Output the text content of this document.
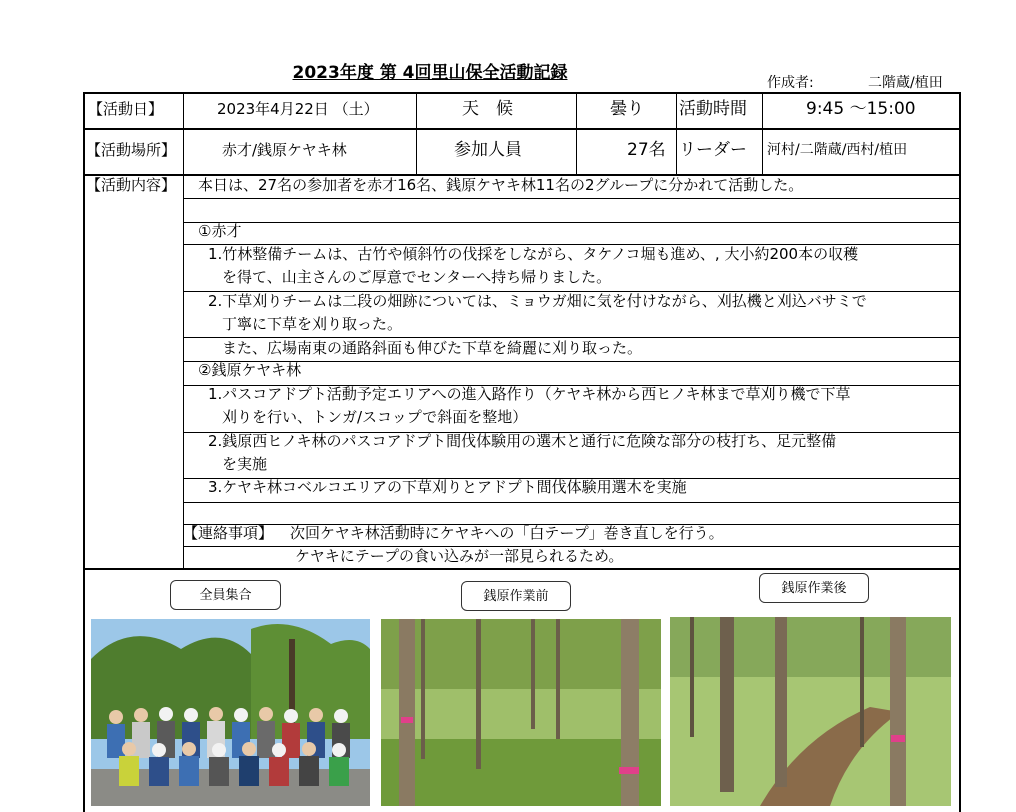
2023年度 第 4回里山保全活動記録	作成者:	二階蔵/植田
【活動日】	2023年4月22日 （土）	天　候	曇り 活動時間	9:45 ～15:00
【活動場所】	赤才/銭原ケヤキ林	参加人員	27名 リーダー 河村/二階蔵/西村/植田
【活動内容】 本日は、27名の参加者を赤才16名、銭原ケヤキ林11名の2グループに分かれて活動した。
①赤才
1.竹林整備チームは、古竹や傾斜竹の伐採をしながら、タケノコ堀も進め、, 大小約200本の収穫
を得て、山主さんのご厚意でセンターへ持ち帰りました。
2.下草刈りチームは二段の畑跡については、ミョウガ畑に気を付けながら、刈払機と刈込バサミで
丁寧に下草を刈り取った。
また、広場南東の通路斜面も伸びた下草を綺麗に刈り取った。
②銭原ケヤキ林
1.パスコアドプト活動予定エリアへの進入路作り（ケヤキ林から西ヒノキ林まで草刈り機で下草
刈りを行い、トンガ/スコップで斜面を整地）
2.銭原西ヒノキ林のパスコアドプト間伐体験用の選木と通行に危険な部分の枝打ち、足元整備
を実施
3.ケヤキ林コベルコエリアの下草刈りとアドプト間伐体験用選木を実施
【連絡事項】 次回ケヤキ林活動時にケヤキへの「白テープ」巻き直しを行う。
ケヤキにテープの食い込みが一部見られるため。
全員集合	銭原作業前
銭原作業後
